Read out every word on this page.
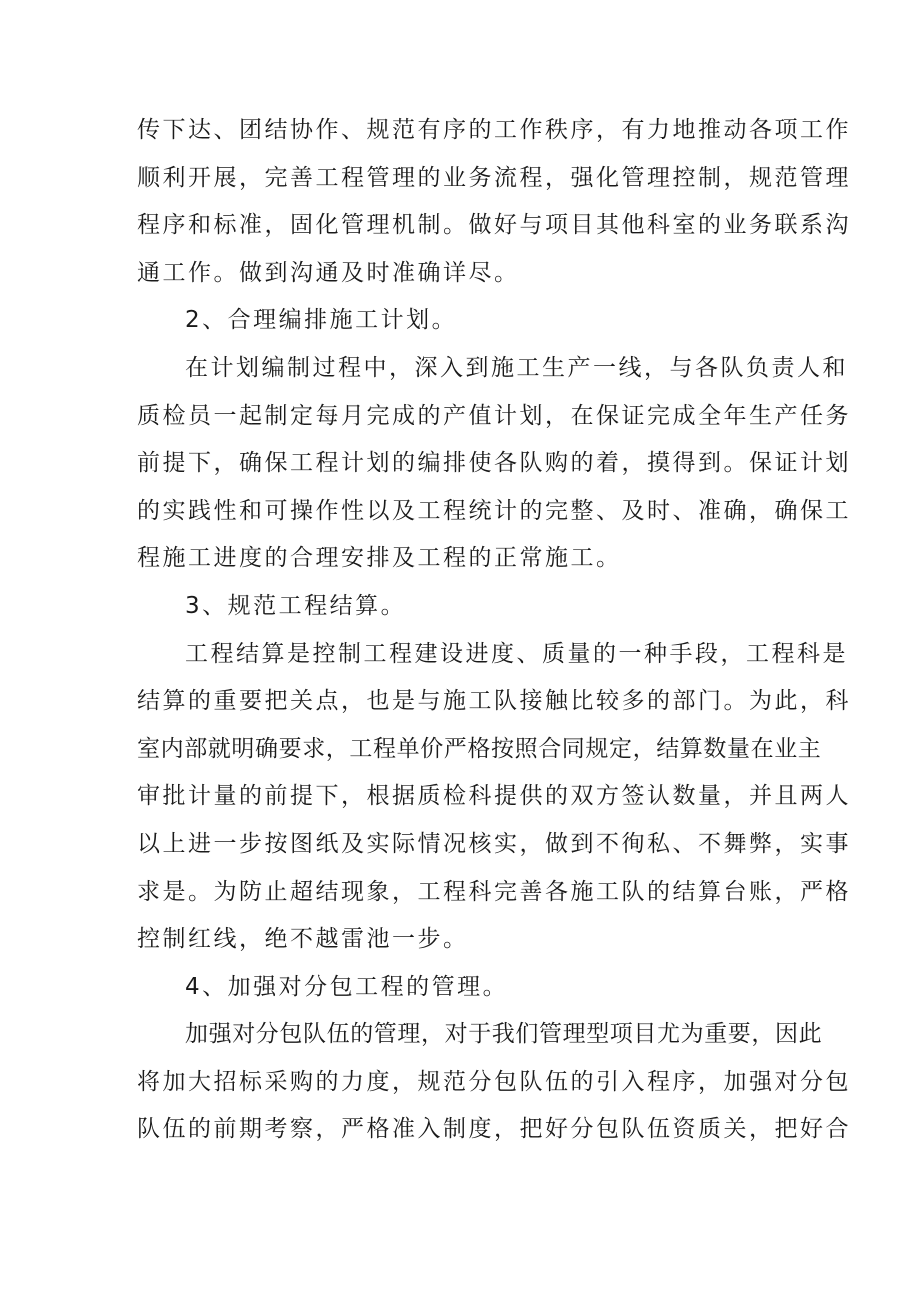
传下达、团结协作、规范有序的工作秩序，有力地推动各项工作
顺利开展，完善工程管理的业务流程，强化管理控制，规范管理
程序和标准，固化管理机制。做好与项目其他科室的业务联系沟
通工作。做到沟通及时准确详尽。
2、合理编排施工计划。
在计划编制过程中，深入到施工生产一线，与各队负责人和
质检员一起制定每月完成的产值计划，在保证完成全年生产任务
前提下，确保工程计划的编排使各队购的着，摸得到。保证计划
的实践性和可操作性以及工程统计的完整、及时、准确，确保工
程施工进度的合理安排及工程的正常施工。
3、规范工程结算。
工程结算是控制工程建设进度、质量的一种手段，工程科是
结算的重要把关点，也是与施工队接触比较多的部门。为此，科
室内部就明确要求，工程单价严格按照合同规定，结算数量在业主
审批计量的前提下，根据质检科提供的双方签认数量，并且两人
以上进一步按图纸及实际情况核实，做到不徇私、不舞弊，实事
求是。为防止超结现象，工程科完善各施工队的结算台账，严格
控制红线，绝不越雷池一步。
4、加强对分包工程的管理。
加强对分包队伍的管理，对于我们管理型项目尤为重要，因此
将加大招标采购的力度，规范分包队伍的引入程序，加强对分包
队伍的前期考察，严格准入制度，把好分包队伍资质关，把好合
